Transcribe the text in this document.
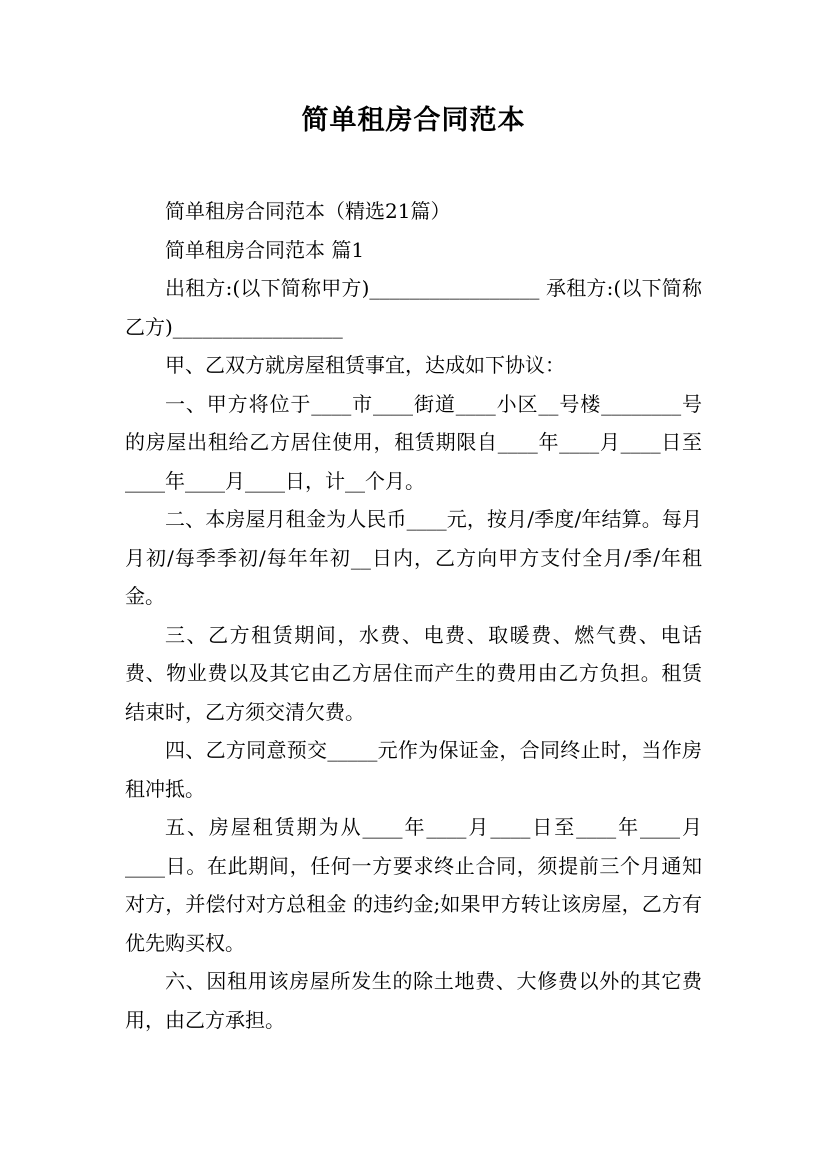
简单租房合同范本

简单租房合同范本（精选21篇）

简单租房合同范本 篇1

出租方:(以下简称甲方)_________________ 承租方:(以下简称乙方)_________________

甲、乙双方就房屋租赁事宜，达成如下协议：

一、甲方将位于____市____街道____小区__号楼________号的房屋出租给乙方居住使用，租赁期限自____年____月____日至____年____月____日，计__个月。

二、本房屋月租金为人民币____元，按月/季度/年结算。每月月初/每季季初/每年年初__日内，乙方向甲方支付全月/季/年租金。

三、乙方租赁期间，水费、电费、取暖费、燃气费、电话费、物业费以及其它由乙方居住而产生的费用由乙方负担。租赁结束时，乙方须交清欠费。

四、乙方同意预交_____元作为保证金，合同终止时，当作房租冲抵。

五、房屋租赁期为从____年____月____日至____年____月____日。在此期间，任何一方要求终止合同，须提前三个月通知对方，并偿付对方总租金 的违约金;如果甲方转让该房屋，乙方有优先购买权。

六、因租用该房屋所发生的除土地费、大修费以外的其它费用，由乙方承担。
